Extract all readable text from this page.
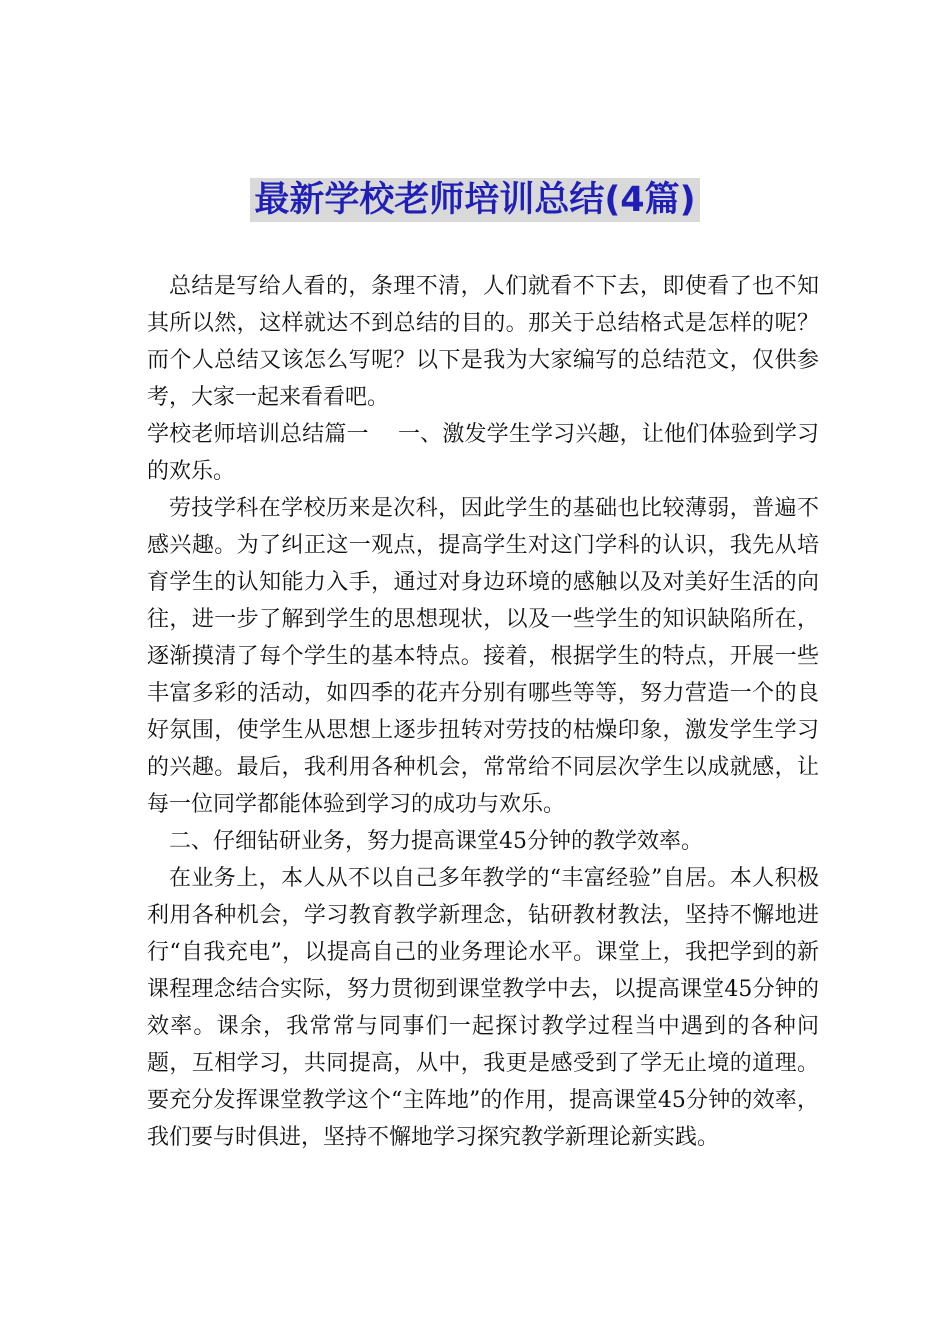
最新学校老师培训总结(4篇)

总结是写给人看的，条理不清，人们就看不下去，即使看了也不知其所以然，这样就达不到总结的目的。那关于总结格式是怎样的呢？而个人总结又该怎么写呢？以下是我为大家编写的总结范文，仅供参考，大家一起来看看吧。

学校老师培训总结篇一　 一、激发学生学习兴趣，让他们体验到学习的欢乐。

劳技学科在学校历来是次科，因此学生的基础也比较薄弱，普遍不感兴趣。为了纠正这一观点，提高学生对这门学科的认识，我先从培育学生的认知能力入手，通过对身边环境的感触以及对美好生活的向往，进一步了解到学生的思想现状，以及一些学生的知识缺陷所在，逐渐摸清了每个学生的基本特点。接着，根据学生的特点，开展一些丰富多彩的活动，如四季的花卉分别有哪些等等，努力营造一个的良好氛围，使学生从思想上逐步扭转对劳技的枯燥印象，激发学生学习的兴趣。最后，我利用各种机会，常常给不同层次学生以成就感，让每一位同学都能体验到学习的成功与欢乐。

二、仔细钻研业务，努力提高课堂45分钟的教学效率。

在业务上，本人从不以自己多年教学的“丰富经验”自居。本人积极利用各种机会，学习教育教学新理念，钻研教材教法，坚持不懈地进行“自我充电”，以提高自己的业务理论水平。课堂上，我把学到的新课程理念结合实际，努力贯彻到课堂教学中去，以提高课堂45分钟的效率。课余，我常常与同事们一起探讨教学过程当中遇到的各种问题，互相学习，共同提高，从中，我更是感受到了学无止境的道理。要充分发挥课堂教学这个“主阵地”的作用，提高课堂45分钟的效率，我们要与时俱进，坚持不懈地学习探究教学新理论新实践。
